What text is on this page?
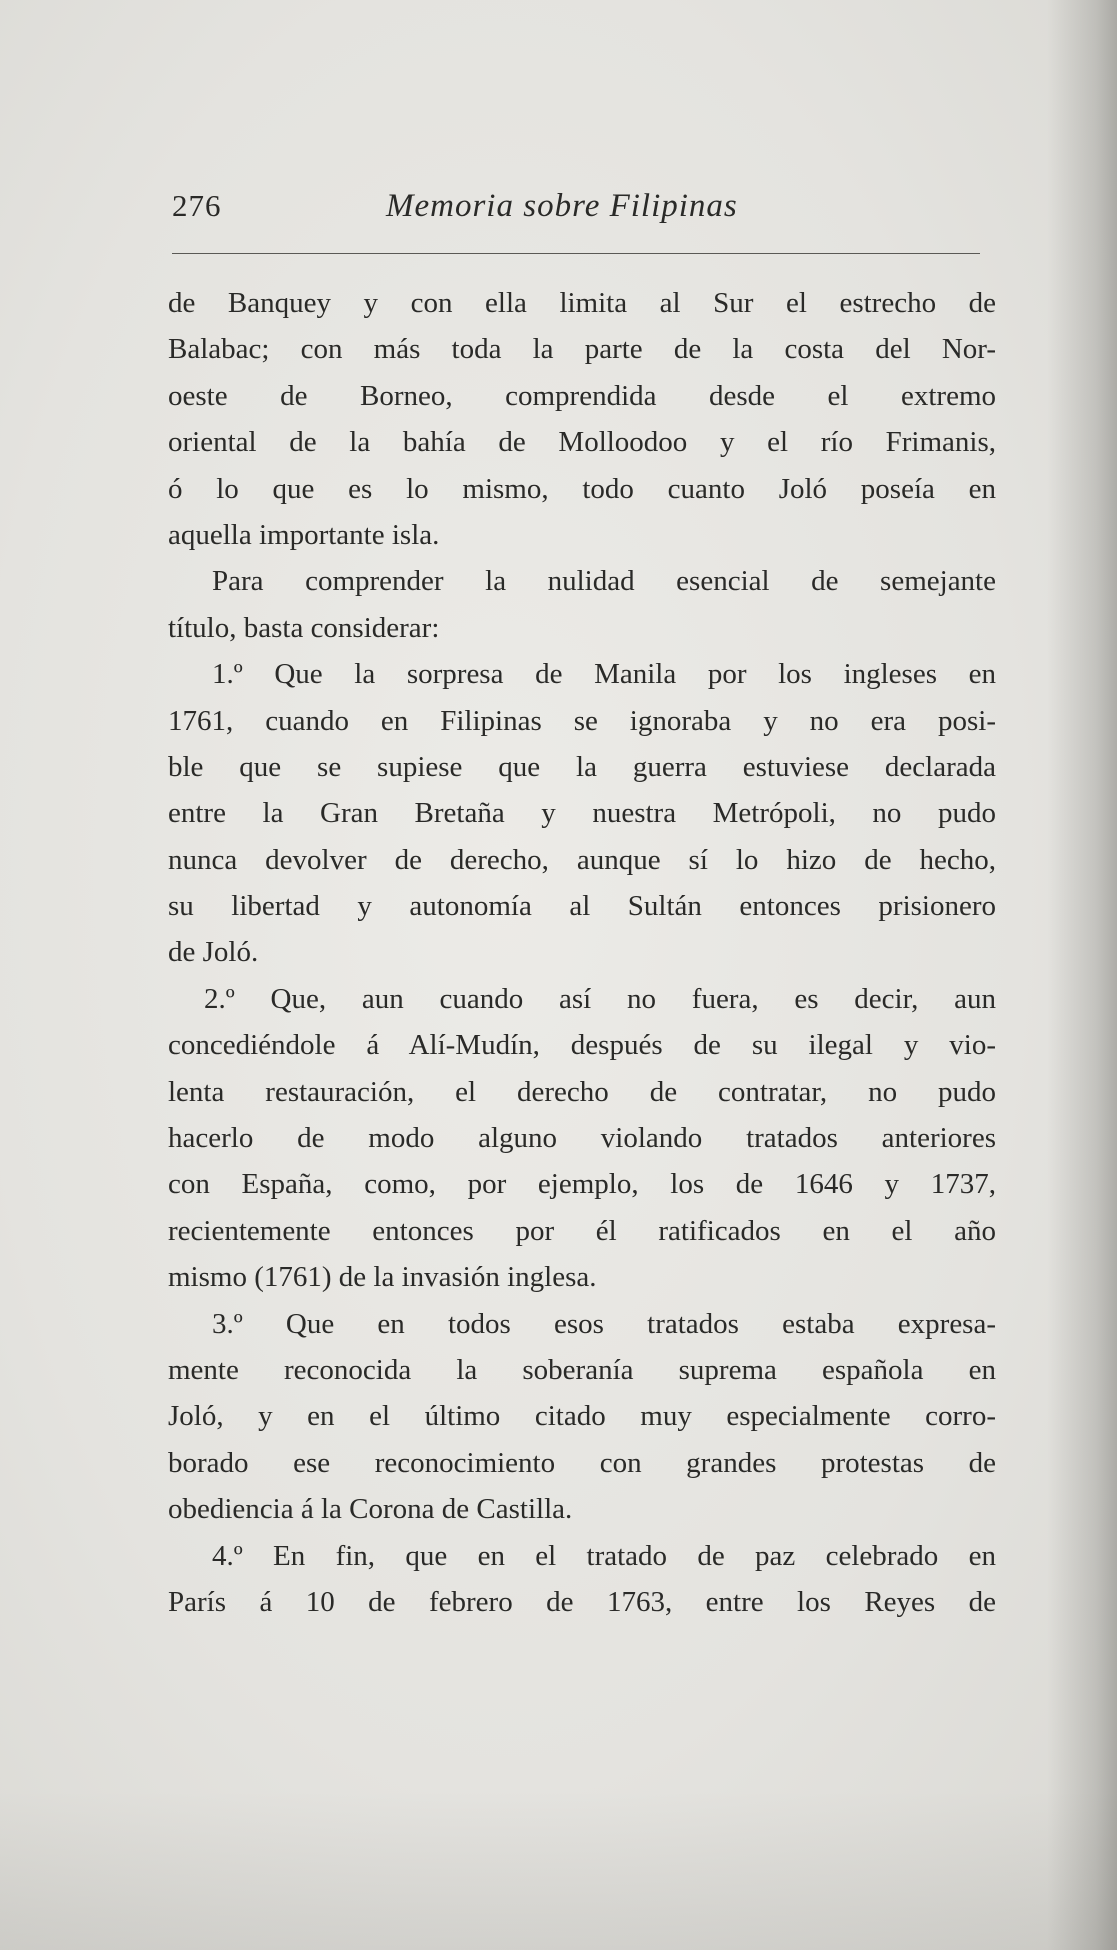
276	Memoria sobre Filipinas
de Banquey y con ella limita al Sur el estrecho de
Balabac; con más toda la parte de la costa del Nor-
oeste de Borneo, comprendida desde el extremo
oriental de la bahía de Molloodoo y el río Frimanis,
ó lo que es lo mismo, todo cuanto Joló poseía en
aquella importante isla.
Para comprender la nulidad esencial de semejante
título, basta considerar:
1.º Que la sorpresa de Manila por los ingleses en
1761, cuando en Filipinas se ignoraba y no era posi-
ble que se supiese que la guerra estuviese declarada
entre la Gran Bretaña y nuestra Metrópoli, no pudo
nunca devolver de derecho, aunque sí lo hizo de hecho,
su libertad y autonomía al Sultán entonces prisionero
de Joló.
2.º Que, aun cuando así no fuera, es decir, aun
concediéndole á Alí-Mudín, después de su ilegal y vio-
lenta restauración, el derecho de contratar, no pudo
hacerlo de modo alguno violando tratados anteriores
con España, como, por ejemplo, los de 1646 y 1737,
recientemente entonces por él ratificados en el año
mismo (1761) de la invasión inglesa.
3.º Que en todos esos tratados estaba expresa-
mente reconocida la soberanía suprema española en
Joló, y en el último citado muy especialmente corro-
borado ese reconocimiento con grandes protestas de
obediencia á la Corona de Castilla.
4.º En fin, que en el tratado de paz celebrado en
París á 10 de febrero de 1763, entre los Reyes de
